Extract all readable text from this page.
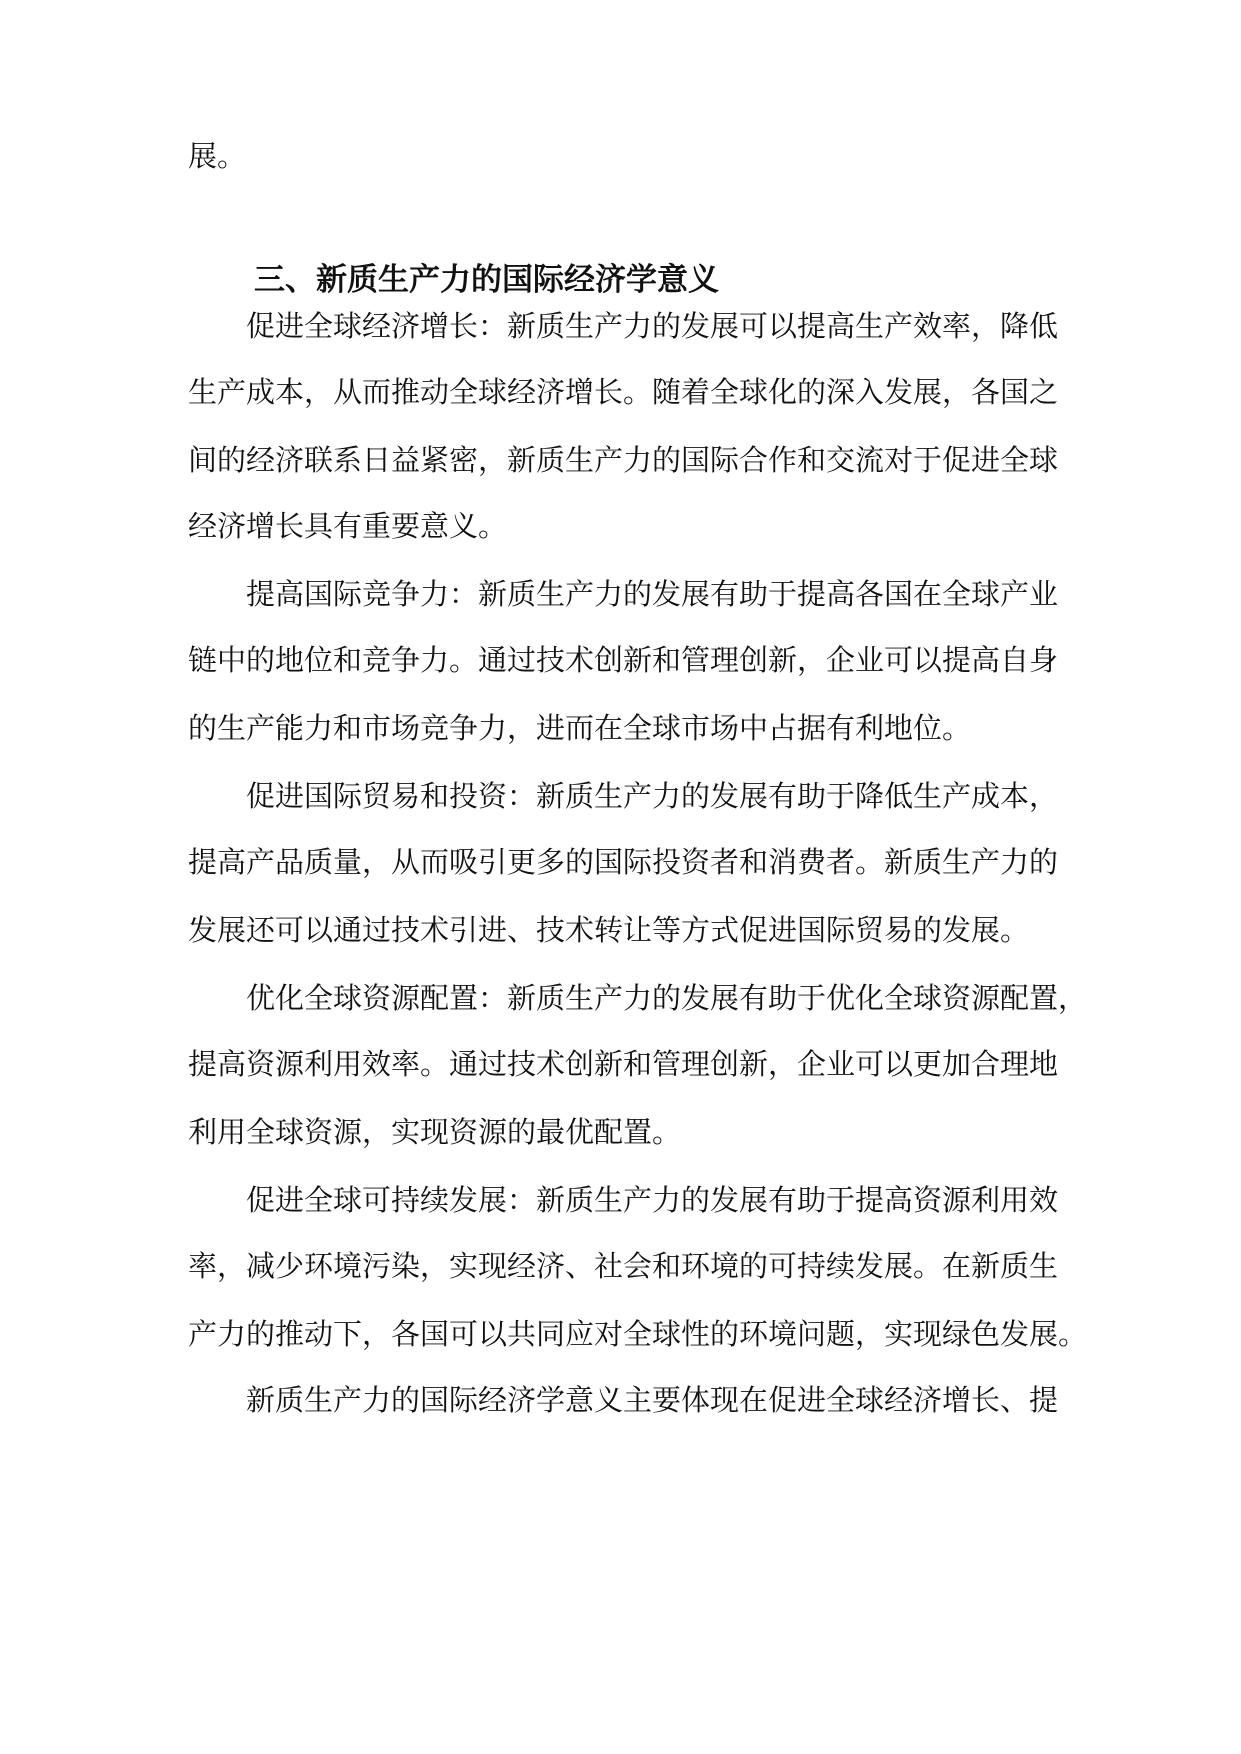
展。
三、新质生产力的国际经济学意义
促进全球经济增长：新质生产力的发展可以提高生产效率，降低
生产成本，从而推动全球经济增长。随着全球化的深入发展，各国之
间的经济联系日益紧密，新质生产力的国际合作和交流对于促进全球
经济增长具有重要意义。
提高国际竞争力：新质生产力的发展有助于提高各国在全球产业
链中的地位和竞争力。通过技术创新和管理创新，企业可以提高自身
的生产能力和市场竞争力，进而在全球市场中占据有利地位。
促进国际贸易和投资：新质生产力的发展有助于降低生产成本，
提高产品质量，从而吸引更多的国际投资者和消费者。新质生产力的
发展还可以通过技术引进、技术转让等方式促进国际贸易的发展。
优化全球资源配置：新质生产力的发展有助于优化全球资源配置，
提高资源利用效率。通过技术创新和管理创新，企业可以更加合理地
利用全球资源，实现资源的最优配置。
促进全球可持续发展：新质生产力的发展有助于提高资源利用效
率，减少环境污染，实现经济、社会和环境的可持续发展。在新质生
产力的推动下，各国可以共同应对全球性的环境问题，实现绿色发展。
新质生产力的国际经济学意义主要体现在促进全球经济增长、提
